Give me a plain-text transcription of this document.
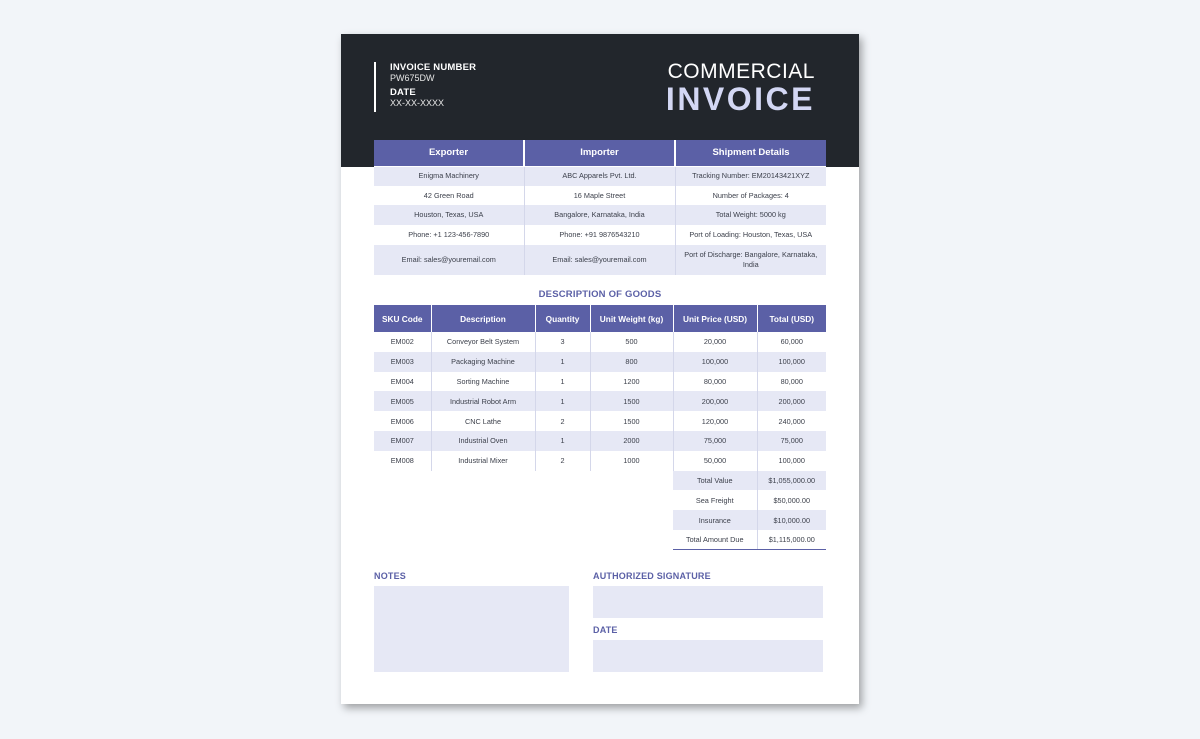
INVOICE NUMBER
PW675DW
DATE
XX-XX-XXXX
COMMERCIAL
INVOICE
Exporter	Importer	Shipment Details
Enigma Machinery	ABC Apparels Pvt. Ltd.	Tracking Number: EM20143421XYZ
42 Green Road	16 Maple Street	Number of Packages: 4
Houston, Texas, USA	Bangalore, Karnataka, India	Total Weight: 5000 kg
Phone: +1 123-456-7890	Phone: +91 9876543210	Port of Loading: Houston, Texas, USA
Email: sales@youremail.com	Email: sales@youremail.com	Port of Discharge: Bangalore, Karnataka, India
DESCRIPTION OF GOODS
SKU Code	Description	Quantity	Unit Weight (kg)	Unit Price (USD)	Total (USD)
EM002	Conveyor Belt System	3	500	20,000	60,000
EM003	Packaging Machine	1	800	100,000	100,000
EM004	Sorting Machine	1	1200	80,000	80,000
EM005	Industrial Robot Arm	1	1500	200,000	200,000
EM006	CNC Lathe	2	1500	120,000	240,000
EM007	Industrial Oven	1	2000	75,000	75,000
EM008	Industrial Mixer	2	1000	50,000	100,000
				Total Value	$1,055,000.00
				Sea Freight	$50,000.00
				Insurance	$10,000.00
				Total Amount Due	$1,115,000.00
NOTES	AUTHORIZED SIGNATURE
DATE
